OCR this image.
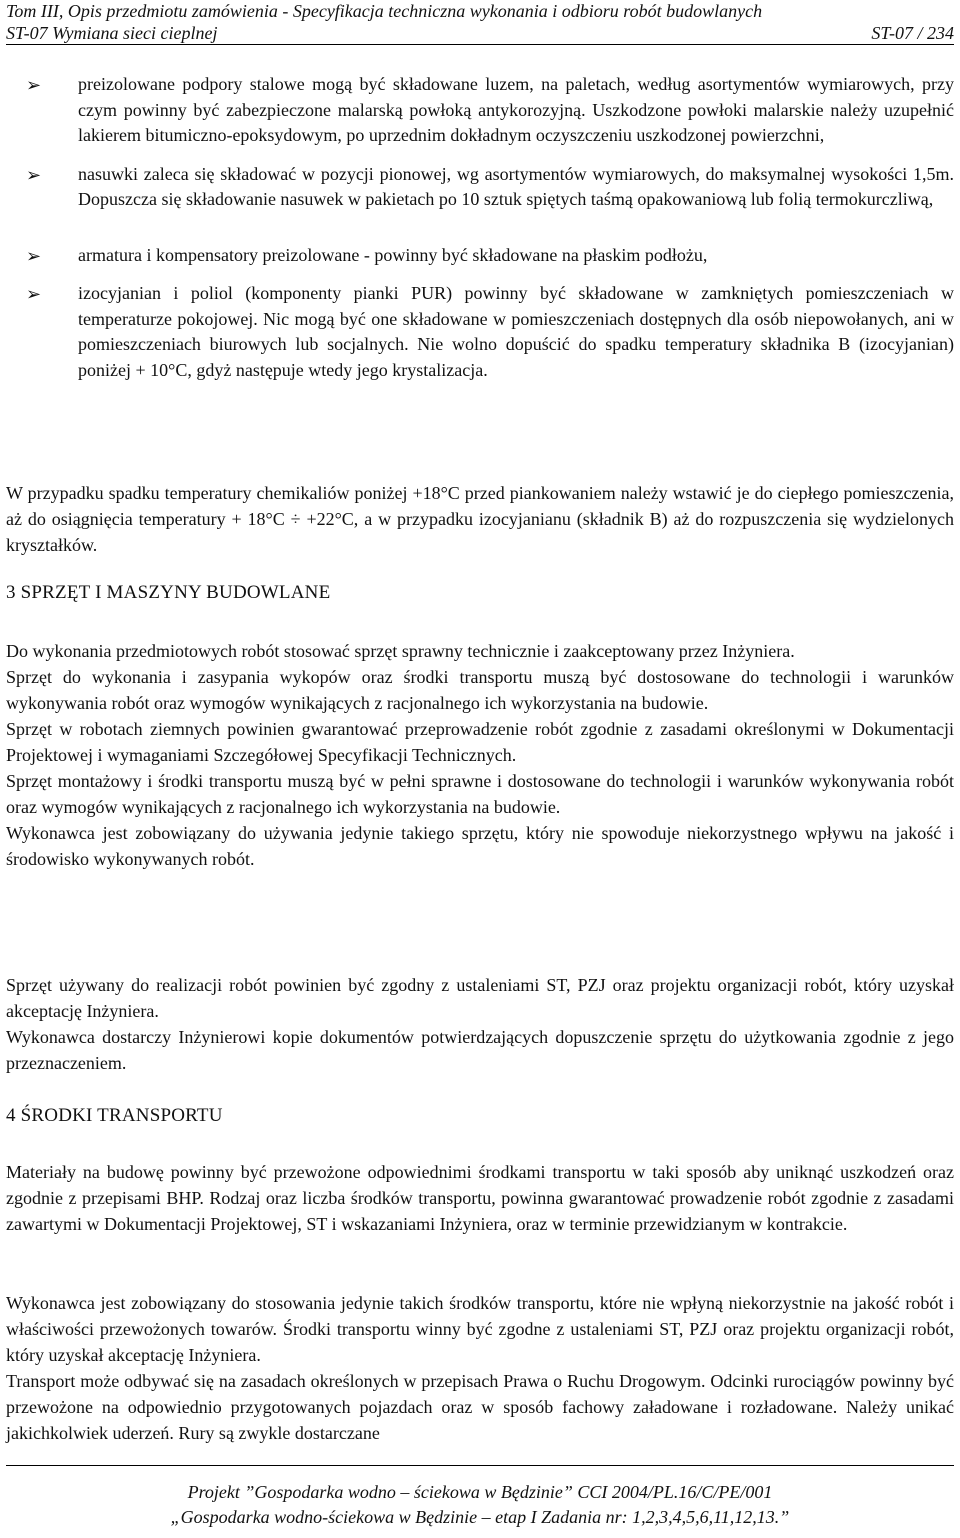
Tom III, Opis przedmiotu zamówienia - Specyfikacja techniczna wykonania i odbioru robót budowlanych
ST-07 Wymiana sieci cieplnej	ST-07 / 234
➢
preizolowane podpory stalowe mogą być składowane luzem, na paletach, według asortymentów wymiarowych, przy czym powinny być zabezpieczone malarską powłoką antykorozyjną. Uszkodzone powłoki malarskie należy uzupełnić lakierem bitumiczno-epoksydowym, po uprzednim dokładnym oczyszczeniu uszkodzonej powierzchni,
➢
nasuwki zaleca się składować w pozycji pionowej, wg asortymentów wymiarowych, do maksymalnej wysokości 1,5m. Dopuszcza się składowanie nasuwek w pakietach po 10 sztuk spiętych taśmą opakowaniową lub folią termokurczliwą,
➢
armatura i kompensatory preizolowane - powinny być składowane na płaskim podłożu,
➢
izocyjanian i poliol (komponenty pianki PUR) powinny być składowane w zamkniętych pomieszczeniach w temperaturze pokojowej. Nic mogą być one składowane w pomieszczeniach dostępnych dla osób niepowołanych, ani w pomieszczeniach biurowych lub socjalnych. Nie wolno dopuścić do spadku temperatury składnika B (izocyjanian) poniżej + 10°C, gdyż następuje wtedy jego krystalizacja.

W przypadku spadku temperatury chemikaliów poniżej +18°C przed piankowaniem należy wstawić je do ciepłego pomieszczenia, aż do osiągnięcia temperatury + 18°C ÷ +22°C, a w przypadku izocyjanianu (składnik B) aż do rozpuszczenia się wydzielonych kryształków.

3 SPRZĘT I MASZYNY BUDOWLANE

Do wykonania przedmiotowych robót stosować sprzęt sprawny technicznie i zaakceptowany przez Inżyniera.

Sprzęt do wykonania i zasypania wykopów oraz środki transportu muszą być dostosowane do technologii i warunków wykonywania robót oraz wymogów wynikających z racjonalnego ich wykorzystania na budowie.

Sprzęt w robotach ziemnych powinien gwarantować przeprowadzenie robót zgodnie z zasadami określonymi w Dokumentacji Projektowej i wymaganiami Szczegółowej Specyfikacji Technicznych.

Sprzęt montażowy i środki transportu muszą być w pełni sprawne i dostosowane do technologii i warunków wykonywania robót oraz wymogów wynikających z racjonalnego ich wykorzystania na budowie.

Wykonawca jest zobowiązany do używania jedynie takiego sprzętu, który nie spowoduje niekorzystnego wpływu na jakość i środowisko wykonywanych robót.

Sprzęt używany do realizacji robót powinien być zgodny z ustaleniami ST, PZJ oraz projektu organizacji robót, który uzyskał akceptację Inżyniera.

Wykonawca dostarczy Inżynierowi kopie dokumentów potwierdzających dopuszczenie sprzętu do użytkowania zgodnie z jego przeznaczeniem.

4 ŚRODKI TRANSPORTU

Materiały na budowę powinny być przewożone odpowiednimi środkami transportu w taki sposób aby uniknąć uszkodzeń oraz zgodnie z przepisami BHP. Rodzaj oraz liczba środków transportu, powinna gwarantować prowadzenie robót zgodnie z zasadami zawartymi w Dokumentacji Projektowej, ST i wskazaniami Inżyniera, oraz w terminie przewidzianym w kontrakcie.

Wykonawca jest zobowiązany do stosowania jedynie takich środków transportu, które nie wpłyną niekorzystnie na jakość robót i właściwości przewożonych towarów. Środki transportu winny być zgodne z ustaleniami ST, PZJ oraz projektu organizacji robót, który uzyskał akceptację Inżyniera.

Transport może odbywać się na zasadach określonych w przepisach Prawa o Ruchu Drogowym. Odcinki rurociągów powinny być przewożone na odpowiednio przygotowanych pojazdach oraz w sposób fachowy załadowane i rozładowane. Należy unikać jakichkolwiek uderzeń. Rury są zwykle dostarczane

Projekt ”Gospodarka wodno – ściekowa w Będzinie” CCI 2004/PL.16/C/PE/001
„Gospodarka wodno-ściekowa w Będzinie – etap I Zadania nr: 1,2,3,4,5,6,11,12,13.”
